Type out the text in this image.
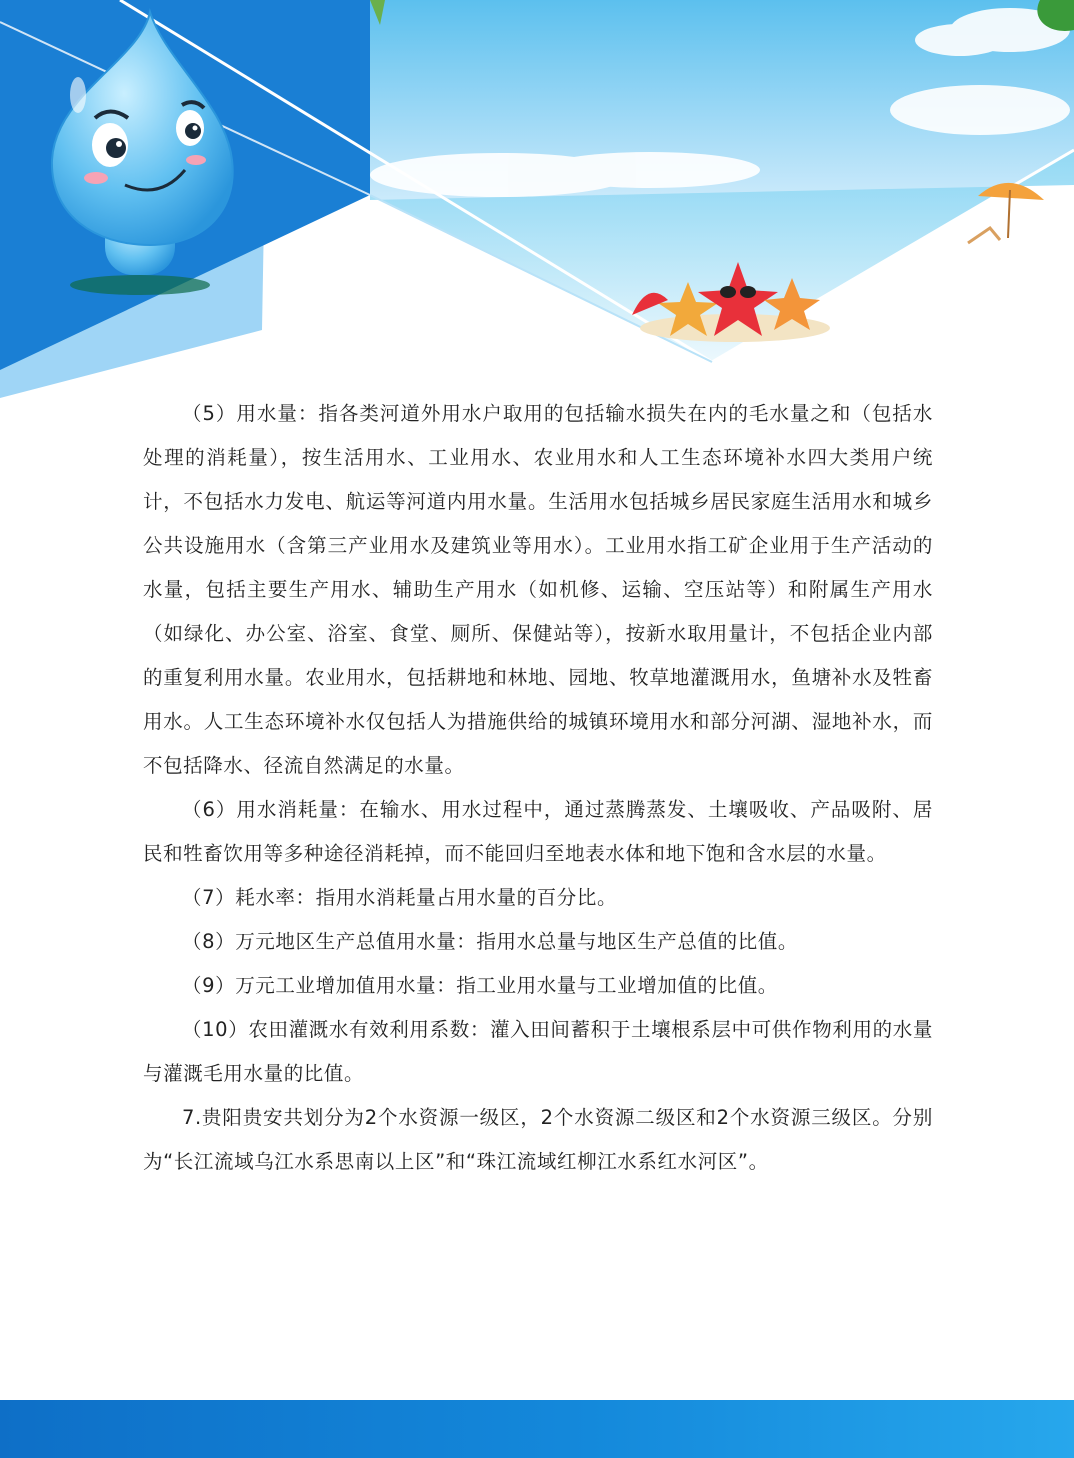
（5）用水量：指各类河道外用水户取用的包括输水损失在内的毛水量之和（包括水处理的消耗量），按生活用水、工业用水、农业用水和人工生态环境补水四大类用户统计，不包括水力发电、航运等河道内用水量。生活用水包括城乡居民家庭生活用水和城乡公共设施用水（含第三产业用水及建筑业等用水）。工业用水指工矿企业用于生产活动的水量，包括主要生产用水、辅助生产用水（如机修、运输、空压站等）和附属生产用水（如绿化、办公室、浴室、食堂、厕所、保健站等），按新水取用量计，不包括企业内部的重复利用水量。农业用水，包括耕地和林地、园地、牧草地灌溉用水，鱼塘补水及牲畜用水。人工生态环境补水仅包括人为措施供给的城镇环境用水和部分河湖、湿地补水，而不包括降水、径流自然满足的水量。

（6）用水消耗量：在输水、用水过程中，通过蒸腾蒸发、土壤吸收、产品吸附、居民和牲畜饮用等多种途径消耗掉，而不能回归至地表水体和地下饱和含水层的水量。

（7）耗水率：指用水消耗量占用水量的百分比。

（8）万元地区生产总值用水量：指用水总量与地区生产总值的比值。

（9）万元工业增加值用水量：指工业用水量与工业增加值的比值。

（10）农田灌溉水有效利用系数：灌入田间蓄积于土壤根系层中可供作物利用的水量与灌溉毛用水量的比值。

7.贵阳贵安共划分为2个水资源一级区，2个水资源二级区和2个水资源三级区。分别为“长江流域乌江水系思南以上区”和“珠江流域红柳江水系红水河区”。
